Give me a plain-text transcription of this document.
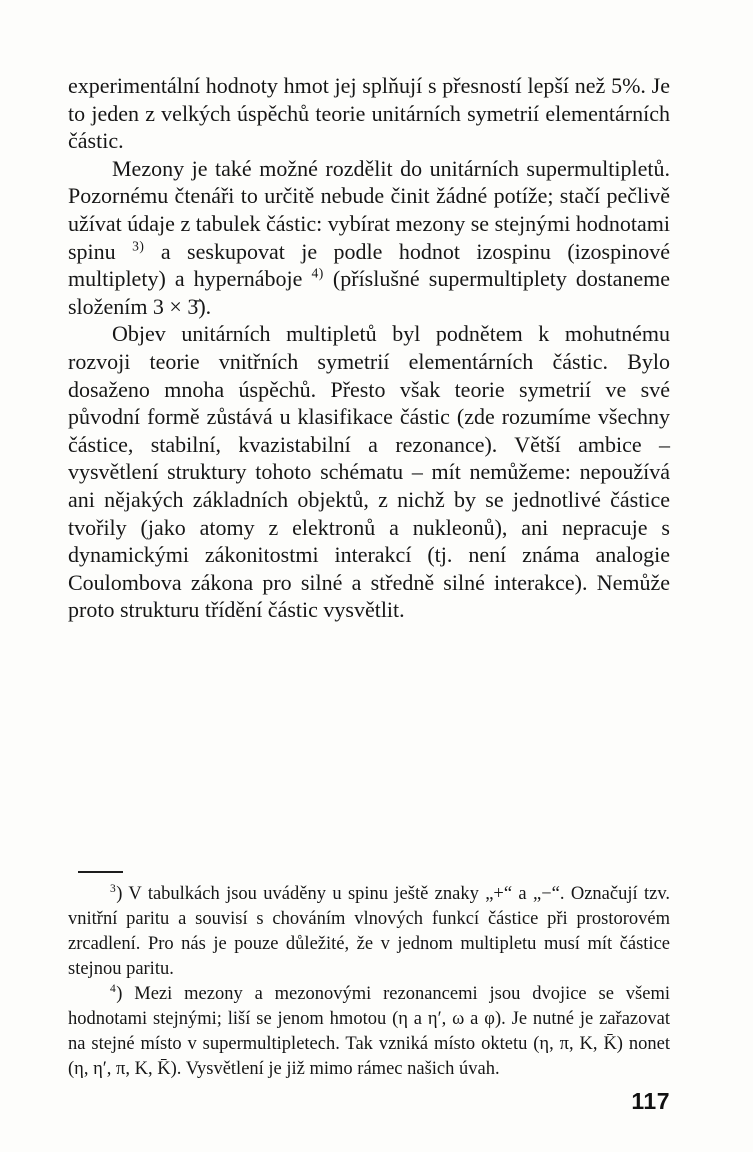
experimentální hodnoty hmot jej splňují s přesností lepší než 5%. Je to jeden z velkých úspěchů teorie unitárních symetrií elementárních částic.

Mezony je také možné rozdělit do unitárních supermultipletů. Pozornému čtenáři to určitě nebude činit žádné potíže; stačí pečlivě užívat údaje z tabulek částic: vybírat mezony se stejnými hodnotami spinu $^{3)}$ a seskupovat je podle hodnot izospinu (izospinové multiplety) a hypernáboje $^{4)}$ (příslušné supermultiplety dostaneme složením 3 × 3̄).

Objev unitárních multipletů byl podnětem k mohutnému rozvoji teorie vnitřních symetrií elementárních částic. Bylo dosaženo mnoha úspěchů. Přesto však teorie symetrií ve své původní formě zůstává u klasifikace částic (zde rozumíme všechny částice, stabilní, kvazistabilní a rezonance). Větší ambice – vysvětlení struktury tohoto schématu – mít nemůžeme: nepoužívá ani nějakých základních objektů, z nichž by se jednotlivé částice tvořily (jako atomy z elektronů a nukleonů), ani nepracuje s dynamickými zákonitostmi interakcí (tj. není známa analogie Coulombova zákona pro silné a středně silné interakce). Nemůže proto strukturu třídění částic vysvětlit.

$^3$) V tabulkách jsou uváděny u spinu ještě znaky „+“ a „−“. Označují tzv. vnitřní paritu a souvisí s chováním vlnových funkcí částice při prostorovém zrcadlení. Pro nás je pouze důležité, že v jednom multipletu musí mít částice stejnou paritu.

$^4$) Mezi mezony a mezonovými rezonancemi jsou dvojice se všemi hodnotami stejnými; liší se jenom hmotou (η a η′, ω a φ). Je nutné je zařazovat na stejné místo v supermultipletech. Tak vzniká místo oktetu (η, π, K, K̄) nonet (η, η′, π, K, K̄). Vysvětlení je již mimo rámec našich úvah.

117
